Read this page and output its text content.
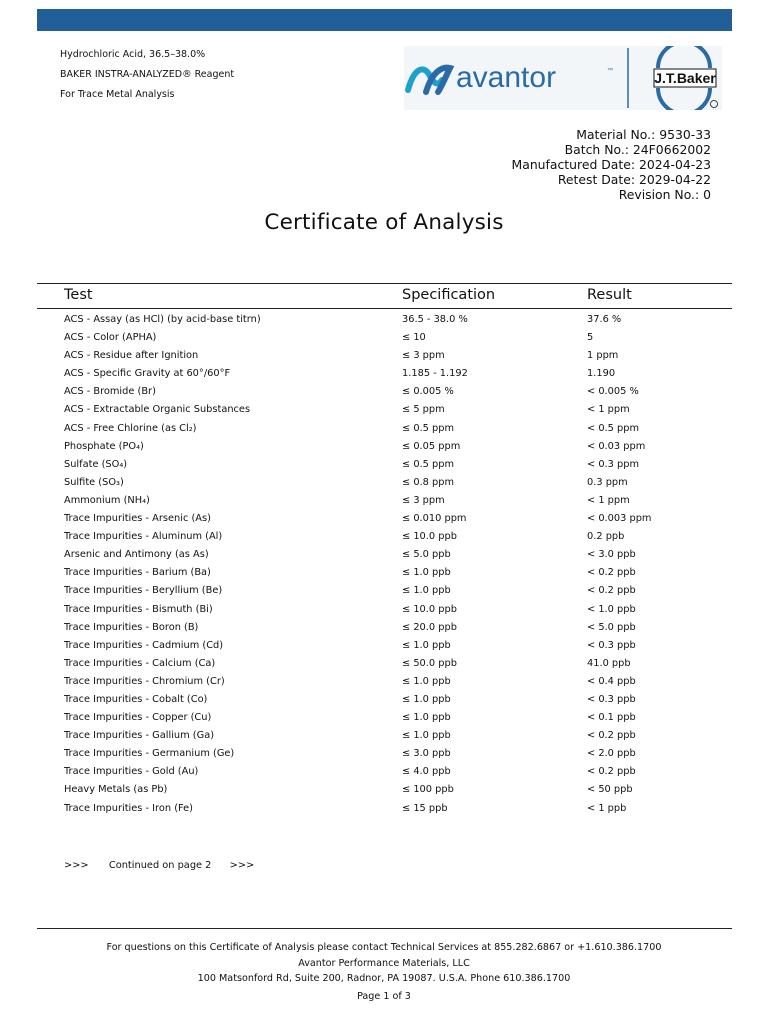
Hydrochloric Acid, 36.5–38.0%
BAKER INSTRA-ANALYZED® Reagent
For Trace Metal Analysis
avantor	™	J.T.Baker
Material No.: 9530-33
Batch No.: 24F0662002
Manufactured Date: 2024-04-23
Retest Date: 2029-04-22
Revision No.: 0
Certificate of Analysis
Test	Specification	Result
ACS - Assay (as HCl) (by acid-base titrn)	36.5 - 38.0 %	37.6 %
ACS - Color (APHA)	≤ 10	5
ACS - Residue after Ignition	≤ 3 ppm	1 ppm
ACS - Specific Gravity at 60°/60°F	1.185 - 1.192	1.190
ACS - Bromide (Br)	≤ 0.005 %	< 0.005 %
ACS - Extractable Organic Substances	≤ 5 ppm	< 1 ppm
ACS - Free Chlorine (as Cl₂)	≤ 0.5 ppm	< 0.5 ppm
Phosphate (PO₄)	≤ 0.05 ppm	< 0.03 ppm
Sulfate (SO₄)	≤ 0.5 ppm	< 0.3 ppm
Sulfite (SO₃)	≤ 0.8 ppm	0.3 ppm
Ammonium (NH₄)	≤ 3 ppm	< 1 ppm
Trace Impurities - Arsenic (As)	≤ 0.010 ppm	< 0.003 ppm
Trace Impurities - Aluminum (Al)	≤ 10.0 ppb	0.2 ppb
Arsenic and Antimony (as As)	≤ 5.0 ppb	< 3.0 ppb
Trace Impurities - Barium (Ba)	≤ 1.0 ppb	< 0.2 ppb
Trace Impurities - Beryllium (Be)	≤ 1.0 ppb	< 0.2 ppb
Trace Impurities - Bismuth (Bi)	≤ 10.0 ppb	< 1.0 ppb
Trace Impurities - Boron (B)	≤ 20.0 ppb	< 5.0 ppb
Trace Impurities - Cadmium (Cd)	≤ 1.0 ppb	< 0.3 ppb
Trace Impurities - Calcium (Ca)	≤ 50.0 ppb	41.0 ppb
Trace Impurities - Chromium (Cr)	≤ 1.0 ppb	< 0.4 ppb
Trace Impurities - Cobalt (Co)	≤ 1.0 ppb	< 0.3 ppb
Trace Impurities - Copper (Cu)	≤ 1.0 ppb	< 0.1 ppb
Trace Impurities - Gallium (Ga)	≤ 1.0 ppb	< 0.2 ppb
Trace Impurities - Germanium (Ge)	≤ 3.0 ppb	< 2.0 ppb
Trace Impurities - Gold (Au)	≤ 4.0 ppb	< 0.2 ppb
Heavy Metals (as Pb)	≤ 100 ppb	< 50 ppb
Trace Impurities - Iron (Fe)	≤ 15 ppb	< 1 ppb
>>> Continued on page 2 >>>
For questions on this Certificate of Analysis please contact Technical Services at 855.282.6867 or +1.610.386.1700
Avantor Performance Materials, LLC
100 Matsonford Rd, Suite 200, Radnor, PA 19087. U.S.A. Phone 610.386.1700
Page 1 of 3
